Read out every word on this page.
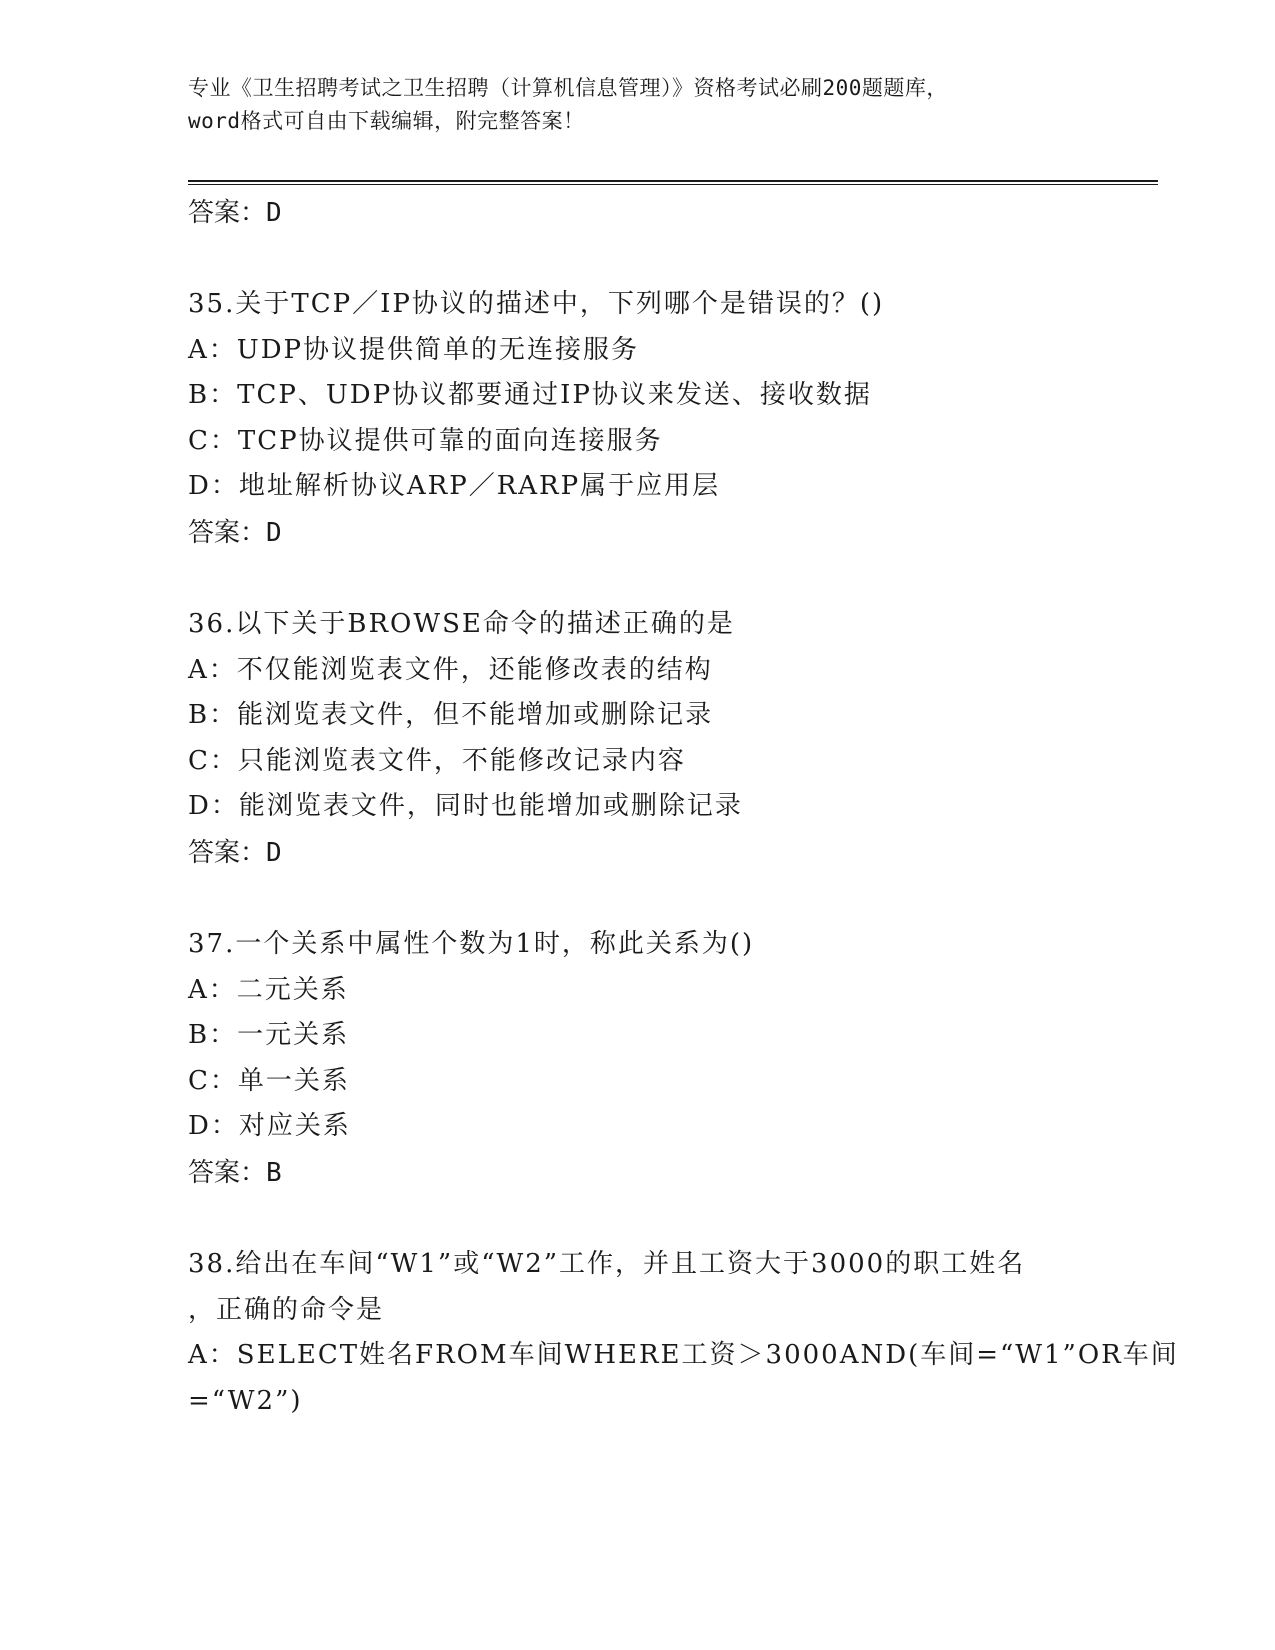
专业《卫生招聘考试之卫生招聘（计算机信息管理）》资格考试必刷200题题库，
word格式可自由下载编辑，附完整答案！
答案：D
35.关于TCP／IP协议的描述中，下列哪个是错误的？()
A：UDP协议提供简单的无连接服务
B：TCP、UDP协议都要通过IP协议来发送、接收数据
C：TCP协议提供可靠的面向连接服务
D：地址解析协议ARP／RARP属于应用层
答案：D
36.以下关于BROWSE命令的描述正确的是
A：不仅能浏览表文件，还能修改表的结构
B：能浏览表文件，但不能增加或删除记录
C：只能浏览表文件，不能修改记录内容
D：能浏览表文件，同时也能增加或删除记录
答案：D
37.一个关系中属性个数为1时，称此关系为()
A：二元关系
B：一元关系
C：单一关系
D：对应关系
答案：B
38.给出在车间“W1”或“W2”工作，并且工资大于3000的职工姓名
，正确的命令是
A：SELECT姓名FROM车间WHERE工资＞3000AND(车间=“W1”OR车间
=“W2”)
